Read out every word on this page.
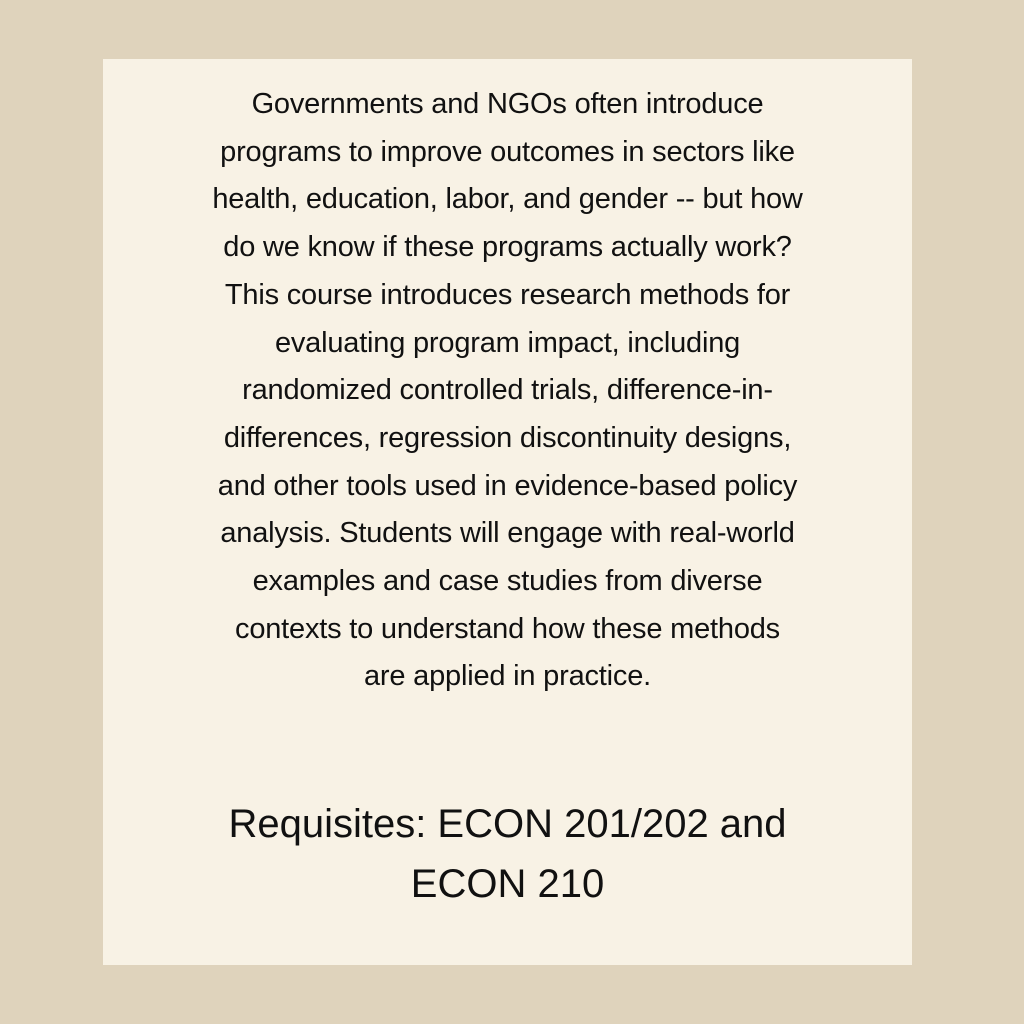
Governments and NGOs often introduce
programs to improve outcomes in sectors like
health, education, labor, and gender -- but how
do we know if these programs actually work?
This course introduces research methods for
evaluating program impact, including
randomized controlled trials, difference-in-
differences, regression discontinuity designs,
and other tools used in evidence-based policy
analysis. Students will engage with real-world
examples and case studies from diverse
contexts to understand how these methods
are applied in practice.

Requisites: ECON 201/202 and
ECON 210
